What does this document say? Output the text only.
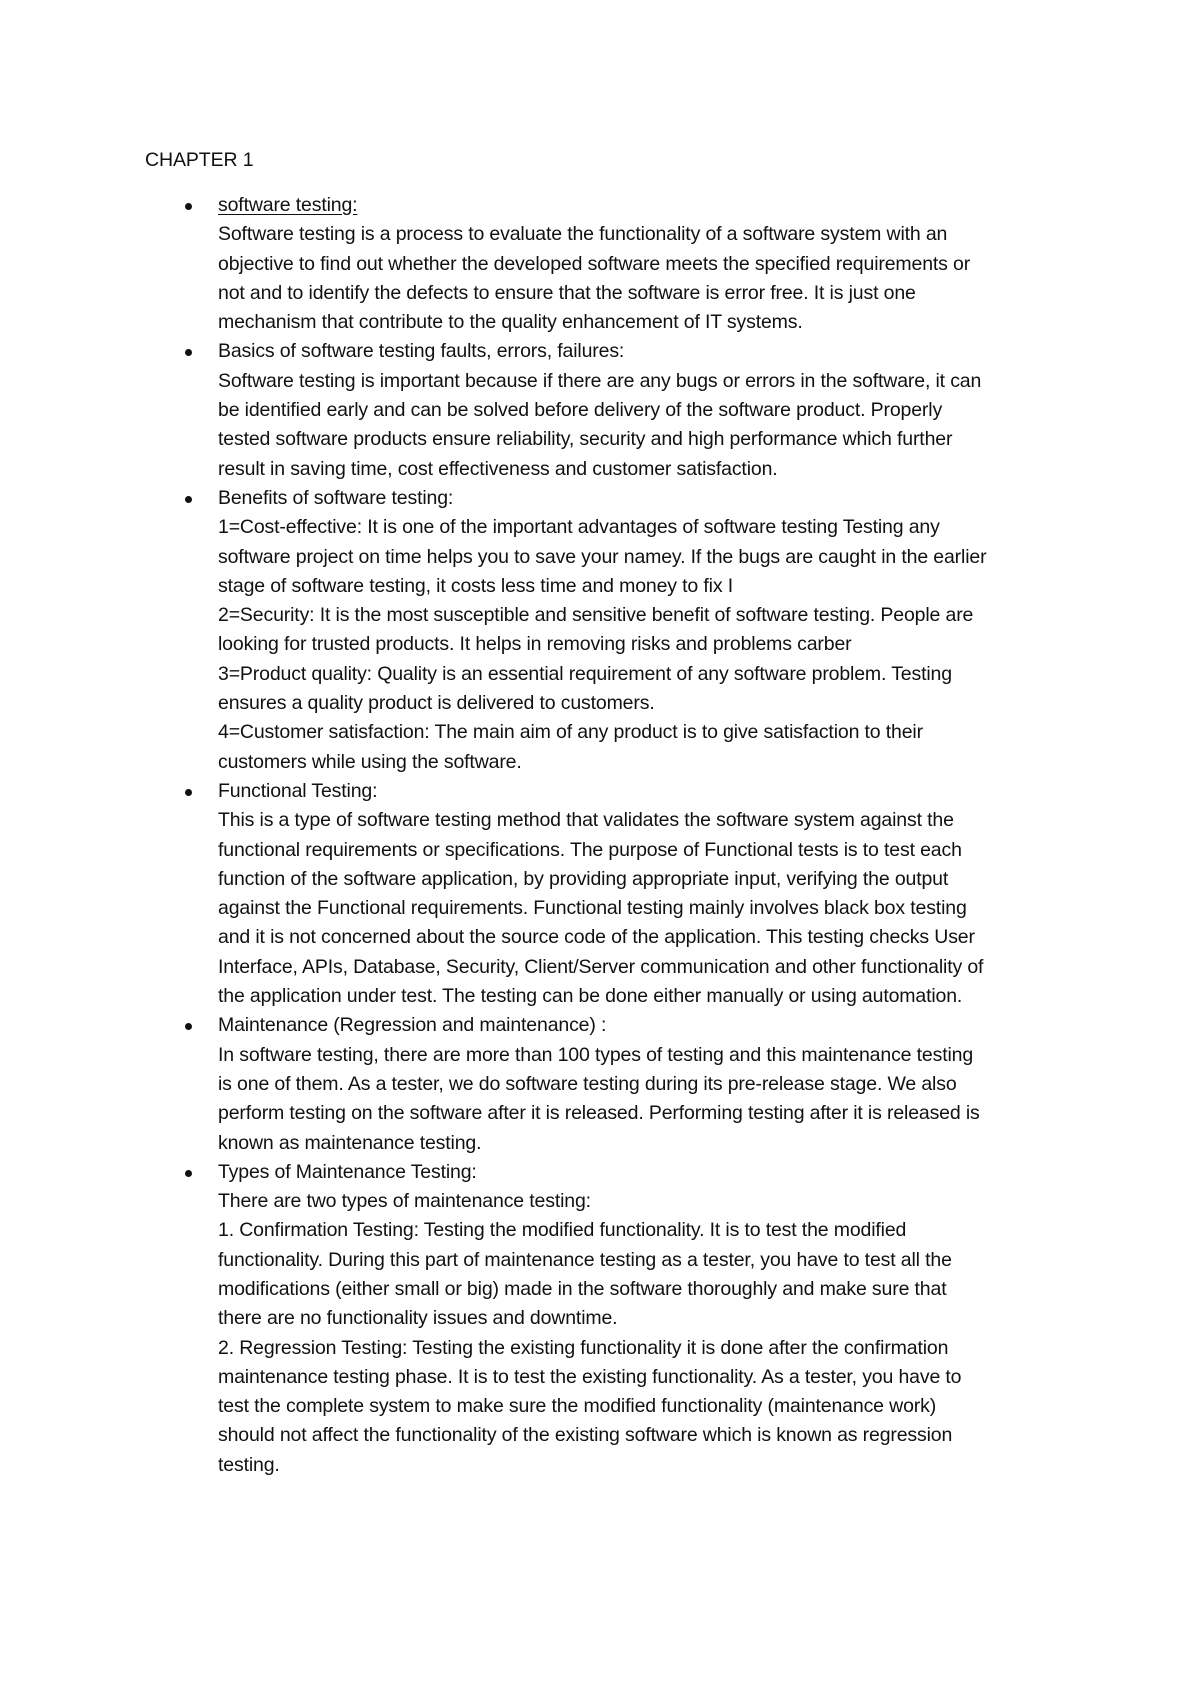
CHAPTER 1
software testing:
Software testing is a process to evaluate the functionality of a software system with an
objective to find out whether the developed software meets the specified requirements or
not and to identify the defects to ensure that the software is error free. It is just one
mechanism that contribute to the quality enhancement of IT systems.
Basics of software testing faults, errors, failures:
Software testing is important because if there are any bugs or errors in the software, it can
be identified early and can be solved before delivery of the software product. Properly
tested software products ensure reliability, security and high performance which further
result in saving time, cost effectiveness and customer satisfaction.
Benefits of software testing:
1=Cost-effective: It is one of the important advantages of software testing Testing any
software project on time helps you to save your namey. If the bugs are caught in the earlier
stage of software testing, it costs less time and money to fix I
2=Security: It is the most susceptible and sensitive benefit of software testing. People are
looking for trusted products. It helps in removing risks and problems carber
3=Product quality: Quality is an essential requirement of any software problem. Testing
ensures a quality product is delivered to customers.
4=Customer satisfaction: The main aim of any product is to give satisfaction to their
customers while using the software.
Functional Testing:
This is a type of software testing method that validates the software system against the
functional requirements or specifications. The purpose of Functional tests is to test each
function of the software application, by providing appropriate input, verifying the output
against the Functional requirements. Functional testing mainly involves black box testing
and it is not concerned about the source code of the application. This testing checks User
Interface, APIs, Database, Security, Client/Server communication and other functionality of
the application under test. The testing can be done either manually or using automation.
Maintenance (Regression and maintenance) :
In software testing, there are more than 100 types of testing and this maintenance testing
is one of them. As a tester, we do software testing during its pre-release stage. We also
perform testing on the software after it is released. Performing testing after it is released is
known as maintenance testing.
Types of Maintenance Testing:
There are two types of maintenance testing:
1. Confirmation Testing: Testing the modified functionality. It is to test the modified
functionality. During this part of maintenance testing as a tester, you have to test all the
modifications (either small or big) made in the software thoroughly and make sure that
there are no functionality issues and downtime.
2. Regression Testing: Testing the existing functionality it is done after the confirmation
maintenance testing phase. It is to test the existing functionality. As a tester, you have to
test the complete system to make sure the modified functionality (maintenance work)
should not affect the functionality of the existing software which is known as regression
testing.
